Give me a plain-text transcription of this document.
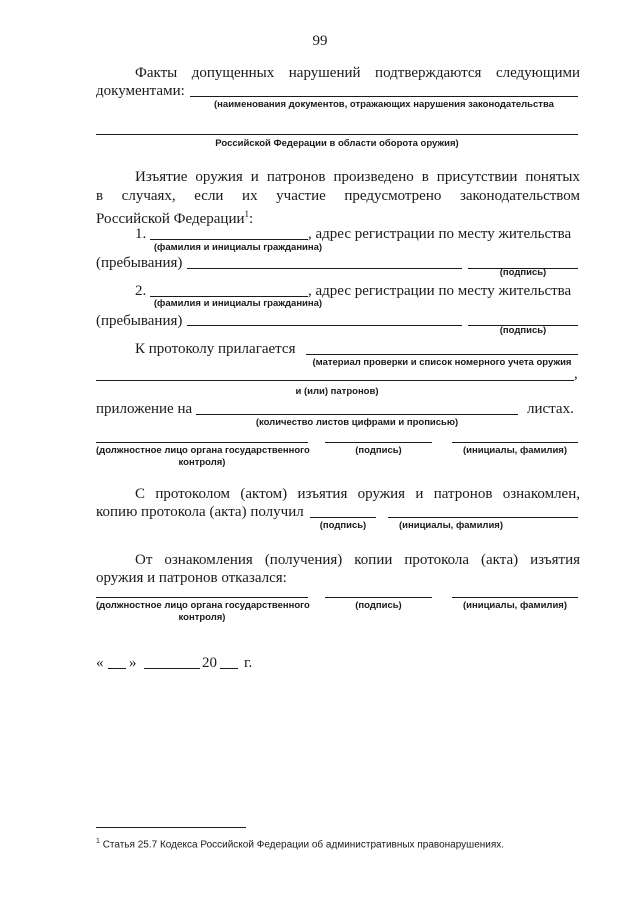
99
Факты допущенных нарушений подтверждаются следующими
документами:
(наименования документов, отражающих нарушения законодательства
Российской Федерации в области оборота оружия)
Изъятие оружия и патронов произведено в присутствии понятых
в случаях, если их участие предусмотрено законодательством
Российской Федерации$^1$:
1.	, адрес регистрации по месту жительства
(фамилия и инициалы гражданина)
(пребывания)
(подпись)
2.	, адрес регистрации по месту жительства
(фамилия и инициалы гражданина)
(пребывания)
(подпись)
К протоколу прилагается
(материал проверки и список номерного учета оружия
,
и (или) патронов)
приложение на	листах.
(количество листов цифрами и прописью)
(должностное лицо органа государственного
контроля)
(подпись)	(инициалы, фамилия)
С протоколом (актом) изъятия оружия и патронов ознакомлен,
копию протокола (акта) получил
(подпись)	(инициалы, фамилия)
От ознакомления (получения) копии протокола (акта) изъятия
оружия и патронов отказался:
(должностное лицо органа государственного
контроля)
(подпись)	(инициалы, фамилия)
« »	20 г.
$^1$ Статья 25.7 Кодекса Российской Федерации об административных правонарушениях.
